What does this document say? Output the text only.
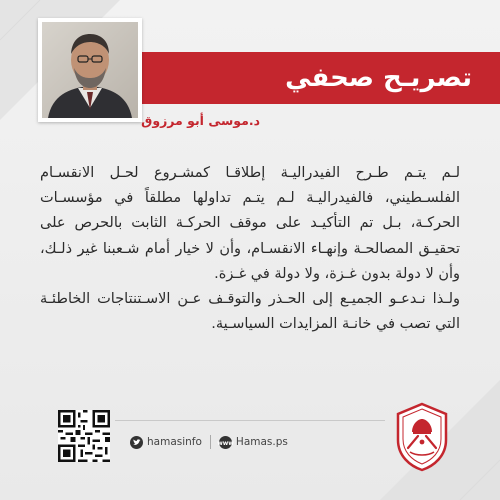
تصريـح صحفي
د.موسى أبو مرزوق

لـم يتـم طـرح الفيدراليـة إطلاقـا كمشـروع لحـل الانقسـام الفلسـطيني، فالفيدراليـة لـم يتـم تداولها مطلقاً في مؤسسـات الحركـة، بـل تم التأكيـد على موقف الحركـة الثابت بالحرص على تحقيـق المصالحـة وإنهـاء الانقسـام، وأن لا خيار أمام شـعبنا غير ذلـك، وأن لا دولة بدون غـزة، ولا دولة في غـزة.

ولـذا نـدعـو الجميـع إلى الحـذر والتوقـف عـن الاسـتنتاجات الخاطئـة التي تصب في خانـة المزايدات السياسـية.

hamasinfo	www Hamas.ps
